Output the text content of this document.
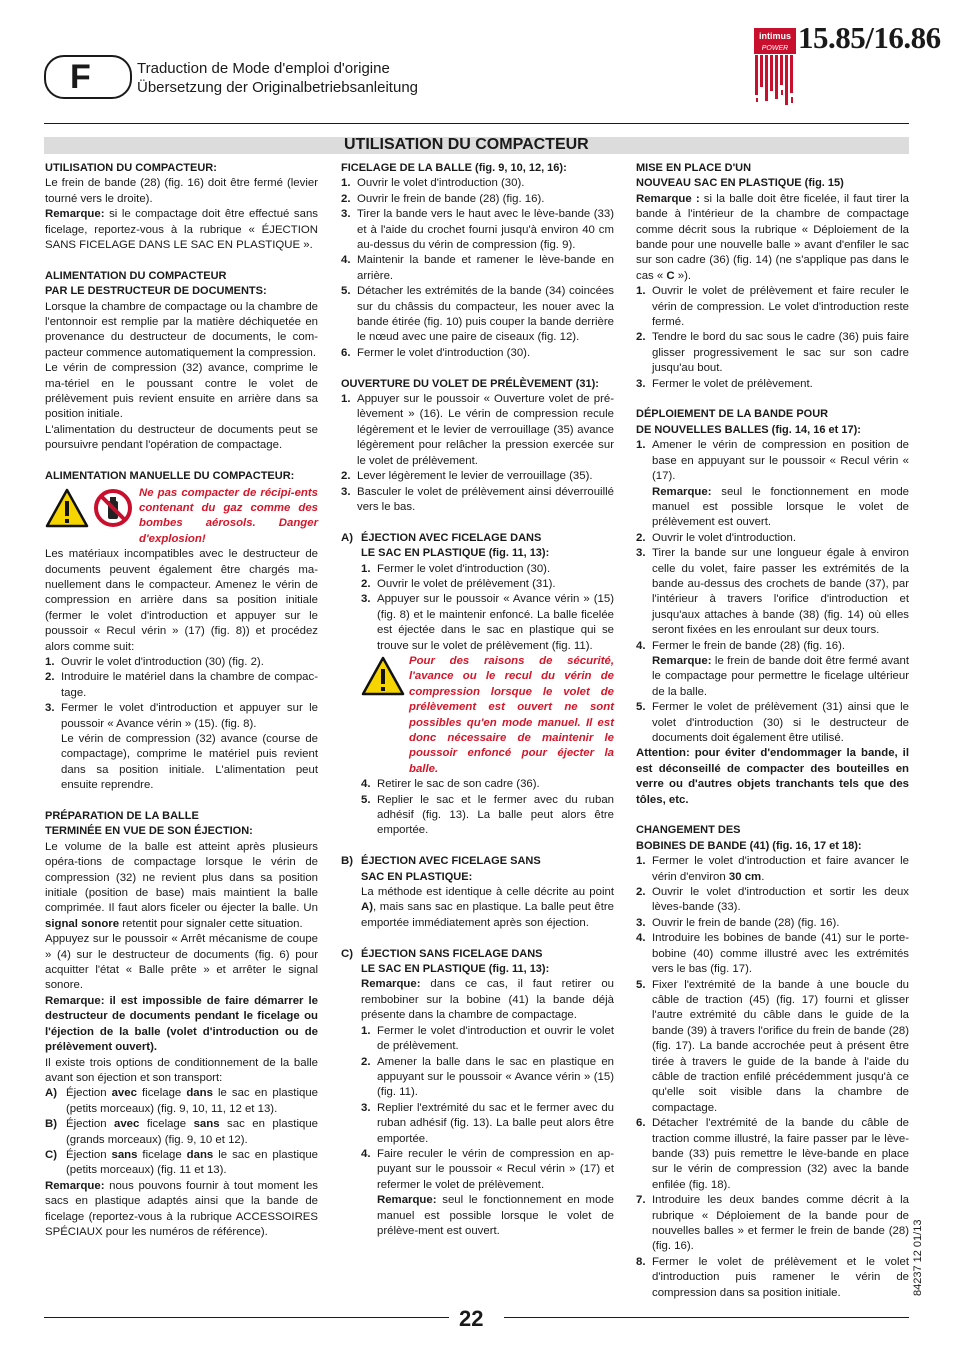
F	Traduction de Mode d'emploi d'origine
Übersetzung der Originalbetriebsanleitung
intimus
POWER 15.85/16.86
UTILISATION DU COMPACTEUR

UTILISATION DU COMPACTEUR:

Le frein de bande (28) (fig. 16) doit être fermé (levier tourné vers le droite).

Remarque: si le compactage doit être effectué sans ficelage, reportez-vous à la rubrique « ÉJECTION SANS FICELAGE DANS LE SAC EN PLASTIQUE ».

ALIMENTATION DU COMPACTEUR

PAR LE DESTRUCTEUR DE DOCUMENTS:

Lorsque la chambre de compactage ou la chambre de l'entonnoir est remplie par la matière déchiquetée en provenance du destructeur de documents, le com-pacteur commence automatiquement la compression.

Le vérin de compression (32) avance, comprime le ma-tériel en le poussant contre le volet de prélèvement puis revient ensuite en arrière dans sa position initiale.

L'alimentation du destructeur de documents peut se poursuivre pendant l'opération de compactage.

ALIMENTATION MANUELLE DU COMPACTEUR:

Ne pas compacter de récipi-ents contenant du gaz comme des bombes aérosols. Danger d'explosion!

Les matériaux incompatibles avec le destructeur de documents peuvent également être chargés ma-nuellement dans le compacteur. Amenez le vérin de compression en arrière dans sa position initiale (fermer le volet d'introduction et appuyer sur le poussoir « Recul vérin » (17) (fig. 8)) et procédez alors comme suit:

1. Ouvrir le volet d'introduction (30) (fig. 2).
2. Introduire le matériel dans la chambre de compac-tage.
3. Fermer le volet d'introduction et appuyer sur le poussoir « Avance vérin » (15). (fig. 8).

Le vérin de compression (32) avance (course de compactage), comprime le matériel puis revient dans sa position initiale. L'alimentation peut ensuite reprendre.

PRÉPARATION DE LA BALLE

TERMINÉE EN VUE DE SON ÉJECTION:

Le volume de la balle est atteint après plusieurs opéra-tions de compactage lorsque le vérin de compression (32) ne revient plus dans sa position initiale (position de base) mais maintient la balle comprimée. Il faut alors ficeler ou éjecter la balle. Un signal sonore retentit pour signaler cette situation.

Appuyez sur le poussoir « Arrêt mécanisme de coupe » (4) sur le destructeur de documents (fig. 6) pour acquitter l'état « Balle prête » et arrêter le signal sonore.

Remarque: il est impossible de faire démarrer le destructeur de documents pendant le ficelage ou l'éjection de la balle (volet d'introduction ou de prélèvement ouvert).

Il existe trois options de conditionnement de la balle avant son éjection et son transport:

A) Éjection avec ficelage dans le sac en plastique (petits morceaux) (fig. 9, 10, 11, 12 et 13).
B) Éjection avec ficelage sans sac en plastique (grands morceaux) (fig. 9, 10 et 12).
C) Éjection sans ficelage dans le sac en plastique (petits morceaux) (fig. 11 et 13).

Remarque: nous pouvons fournir à tout moment les sacs en plastique adaptés ainsi que la bande de ficelage (reportez-vous à la rubrique ACCESSOIRES SPÉCIAUX pour les numéros de référence).

FICELAGE DE LA BALLE (fig. 9, 10, 12, 16):

1. Ouvrir le volet d'introduction (30).
2. Ouvrir le frein de bande (28) (fig. 16).
3. Tirer la bande vers le haut avec le lève-bande (33) et à l'aide du crochet fourni jusqu'à environ 40 cm au-dessus du vérin de compression (fig. 9).
4. Maintenir la bande et ramener le lève-bande en arrière.
5. Détacher les extrémités de la bande (34) coincées sur du châssis du compacteur, les nouer avec la bande étirée (fig. 10) puis couper la bande derrière le nœud avec une paire de ciseaux (fig. 12).
6. Fermer le volet d'introduction (30).

OUVERTURE DU VOLET DE PRÉLÈVEMENT (31):

1. Appuyer sur le poussoir « Ouverture volet de pré-lèvement » (16). Le vérin de compression recule légèrement et le levier de verrouillage (35) avance légèrement pour relâcher la pression exercée sur le volet de prélèvement.
2. Lever légèrement le levier de verrouillage (35).
3. Basculer le volet de prélèvement ainsi déverrouillé vers le bas.
A) ÉJECTION AVEC FICELAGE DANS
LE SAC EN PLASTIQUE (fig. 11, 13):
1. Fermer le volet d'introduction (30).
2. Ouvrir le volet de prélèvement (31).
3. Appuyer sur le poussoir « Avance vérin » (15) (fig. 8) et le maintenir enfoncé. La balle ficelée est éjectée dans le sac en plastique qui se trouve sur le volet de prélèvement (fig. 11).

Pour des raisons de sécurité, l'avance ou le recul du vérin de compression lorsque le volet de prélèvement est ouvert ne sont possibles qu'en mode manuel. Il est donc nécessaire de maintenir le poussoir enfoncé pour éjecter la balle.

4. Retirer le sac de son cadre (36).
5. Replier le sac et le fermer avec du ruban adhésif (fig. 13). La balle peut alors être emportée.
B) ÉJECTION AVEC FICELAGE SANS
SAC EN PLASTIQUE:

La méthode est identique à celle décrite au point A), mais sans sac en plastique. La balle peut être emportée immédiatement après son éjection.

C) ÉJECTION SANS FICELAGE DANS
LE SAC EN PLASTIQUE (fig. 11, 13):

Remarque: dans ce cas, il faut retirer ou rembobiner sur la bobine (41) la bande déjà présente dans la chambre de compactage.

1. Fermer le volet d'introduction et ouvrir le volet de prélèvement.
2. Amener la balle dans le sac en plastique en appuyant sur le poussoir « Avance vérin » (15) (fig. 11).
3. Replier l'extrémité du sac et le fermer avec du ruban adhésif (fig. 13). La balle peut alors être emportée.
4. Faire reculer le vérin de compression en ap-puyant sur le poussoir « Recul vérin » (17) et refermer le volet de prélèvement.

Remarque: seul le fonctionnement en mode manuel est possible lorsque le volet de prélève-ment est ouvert.

MISE EN PLACE D'UN

NOUVEAU SAC EN PLASTIQUE (fig. 15)

Remarque : si la balle doit être ficelée, il faut tirer la bande à l'intérieur de la chambre de compactage comme décrit sous la rubrique « Déploiement de la bande pour une nouvelle balle » avant d'enfiler le sac sur son cadre (36) (fig. 14) (ne s'applique pas dans le cas « C »).

1. Ouvrir le volet de prélèvement et faire reculer le vérin de compression. Le volet d'introduction reste fermé.
2. Tendre le bord du sac sous le cadre (36) puis faire glisser progressivement le sac sur son cadre jusqu'au bout.
3. Fermer le volet de prélèvement.

DÉPLOIEMENT DE LA BANDE POUR

DE NOUVELLES BALLES (fig. 14, 16 et 17):

1. Amener le vérin de compression en position de base en appuyant sur le poussoir « Recul vérin « (17).

Remarque: seul le fonctionnement en mode manuel est possible lorsque le volet de prélèvement est ouvert.

2. Ouvrir le volet d'introduction.
3. Tirer la bande sur une longueur égale à environ celle du volet, faire passer les extrémités de la bande au-dessus des crochets de bande (37), par l'intérieur à travers l'orifice d'introduction et jusqu'aux attaches à bande (38) (fig. 14) où elles seront fixées en les enroulant sur deux tours.
4. Fermer le frein de bande (28) (fig. 16).

Remarque: le frein de bande doit être fermé avant le compactage pour permettre le ficelage ultérieur de la balle.

5. Fermer le volet de prélèvement (31) ainsi que le volet d'introduction (30) si le destructeur de documents doit également être utilisé.

Attention: pour éviter d'endommager la bande, il est déconseillé de compacter des bouteilles en verre ou d'autres objets tranchants tels que des tôles, etc.

CHANGEMENT DES

BOBINES DE BANDE (41) (fig. 16, 17 et 18):

1. Fermer le volet d'introduction et faire avancer le vérin d'environ 30 cm.
2. Ouvrir le volet d'introduction et sortir les deux lèves-bande (33).
3. Ouvrir le frein de bande (28) (fig. 16).
4. Introduire les bobines de bande (41) sur le porte-bobine (40) comme illustré avec les extrémités vers le bas (fig. 17).
5. Fixer l'extrémité de la bande à une boucle du câble de traction (45) (fig. 17) fourni et glisser l'autre extrémité du câble dans le guide de la bande (39) à travers l'orifice du frein de bande (28) (fig. 17). La bande accrochée peut à présent être tirée à travers le guide de la bande à l'aide du câble de traction enfilé précédemment jusqu'à ce qu'elle soit visible dans la chambre de compactage.
6. Détacher l'extrémité de la bande du câble de traction comme illustré, la faire passer par le lève-bande (33) puis remettre le lève-bande en place sur le vérin de compression (32) avec la bande enfilée (fig. 18).
7. Introduire les deux bandes comme décrit à la rubrique « Déploiement de la bande pour de nouvelles balles » et fermer le frein de bande (28) (fig. 16).
8. Fermer le volet de prélèvement et le volet d'introduction puis ramener le vérin de compression dans sa position initiale.	84237 12 01/13
22
